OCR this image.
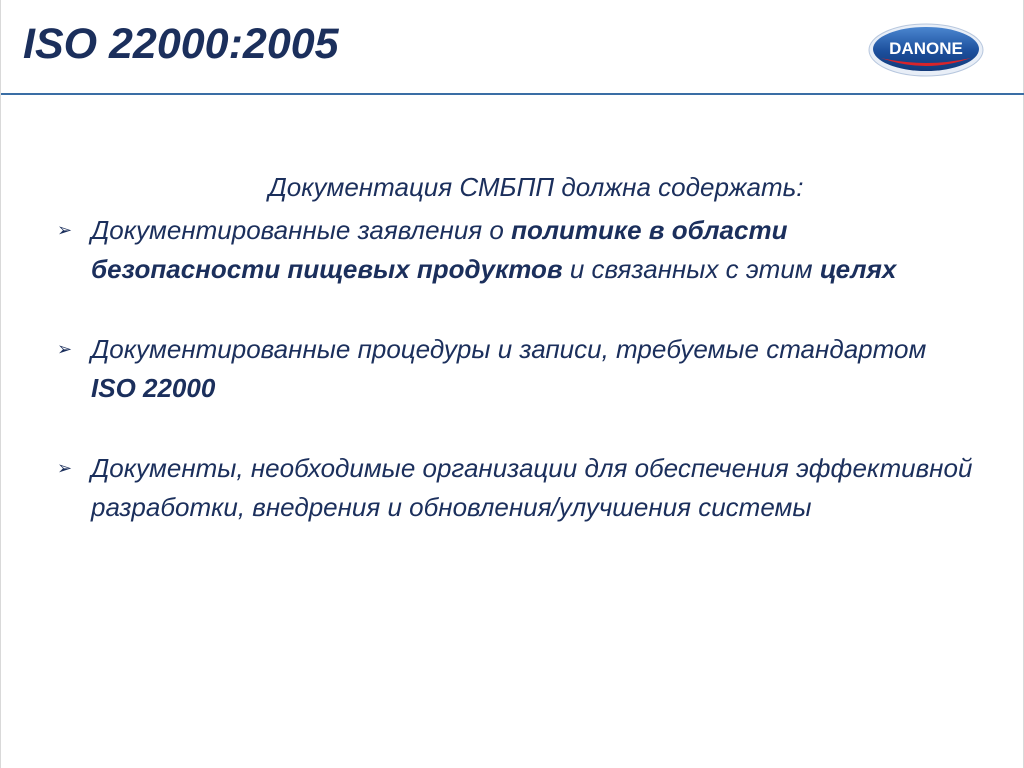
ISO 22000:2005	DANONE
Документация СМБПП должна содержать:
➢ Документированные заявления о политике в области безопасности пищевых продуктов и связанных с этим целях
➢ Документированные процедуры и записи, требуемые стандартом ISO 22000
➢ Документы, необходимые организации для обеспечения эффективной разработки, внедрения и обновления/улучшения системы
